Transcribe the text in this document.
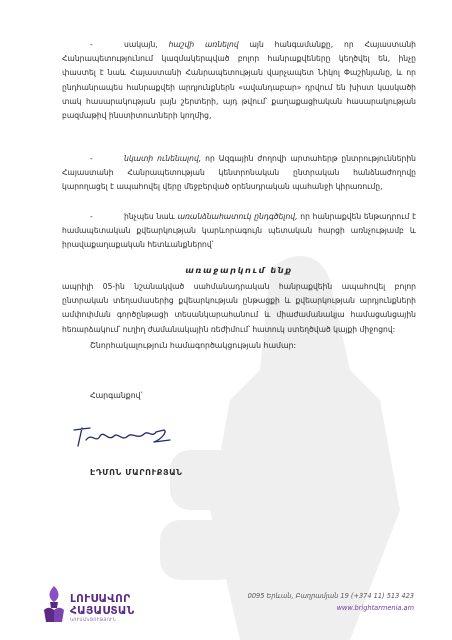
-	սակայն, հաշվի առնելով այն հանգամանքը, որ Հայաստանի Հանրապետությունում կազմակերպված բոլոր հանրաքվեները կեղծվել են, ինչը փաստել է նաև Հայաստանի Հանրապետության վարչապետ Նիկոլ Փաշինյանը, և որ ընդհանրապես հանրաքվեի արդյունքներն «ավանդաբար» դրվում են խիստ կասկածի տակ հասարակության լայն շերտերի, այդ թվում՝ քաղաքացիական հասարակության բազմաթիվ ինստիտուտների կողմից,
-	նկատի ունենալով, որ Ազգային ժողովի արտահերթ ընտրություններին Հայաստանի Հանրապետության կենտրոնական ընտրական հանձնաժողովը կարողացել է ապահովել վերը մեջբերված օրենսդրական պահանջի կիրառումը,
-	ինչպես նաև առանձնահատուկ ընդգծելով, որ հանրաքվեն ենթադրում է համապետական քվեարկության կարևորագույն պետական հարցի առնչությամբ և իրավաքաղաքական հետևանքներով՝
առաջարկում ենք
ապրիլի 05-ին նշանակված սահմանադրական հանրաքվեին ապահովել բոլոր ընտրական տեղամասերից քվեարկության ընթացքի և քվեարկության արդյունքների ամփոփման գործընթացի տեսանկարահանում և միաժամանակյա համացանցային հեռարձակում՝ ուղիղ ժամանակային ռեժիմում՝ հատուկ ստեղծված կայքի միջոցով:
Շնորհակալություն համագործակցության համար:
Հարգանքով՝
ԷԴՄՈՆ ՄԱՐՈՒՔՅԱՆ
ԼՈՒՍԱՎՈՐ
ՀԱՅԱՍՏԱՆ
ԿՈՒՍԱԿՑՈՒԹՅՈՒՆ
0095 Երևան, Բաղրամյան 19 (+374 11) 513 423
www.brightarmenia.am
